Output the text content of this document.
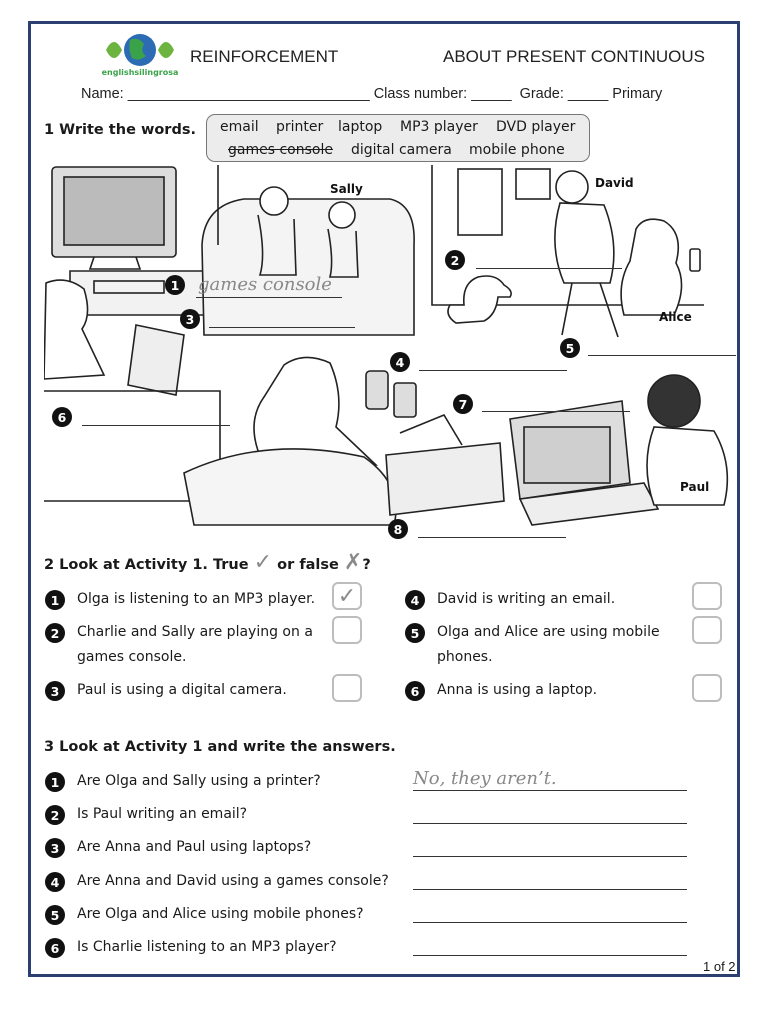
englishsilingrosa
REINFORCEMENT	ABOUT PRESENT CONTINUOUS
Name: ______________________________ Class number: _____  Grade: _____ Primary
1 Write the words. email printer laptop MP3 player DVD player
games console digital camera mobile phone
Sally	David
Alice
Paul
1	games console
2
3
4
5
6
7
8
2 Look at Activity 1. True ✓ or false ✗?
1	Olga is listening to an MP3 player.	✓
2	Charlie and Sally are playing on a games console.
3	Paul is using a digital camera.
4	David is writing an email.
5	Olga and Alice are using mobile phones.
6	Anna is using a laptop.
3 Look at Activity 1 and write the answers.
1	Are Olga and Sally using a printer?	No, they aren’t.
2	Is Paul writing an email?
3	Are Anna and Paul using laptops?
4	Are Anna and David using a games console?
5	Are Olga and Alice using mobile phones?
6	Is Charlie listening to an MP3 player?
1 of 2
